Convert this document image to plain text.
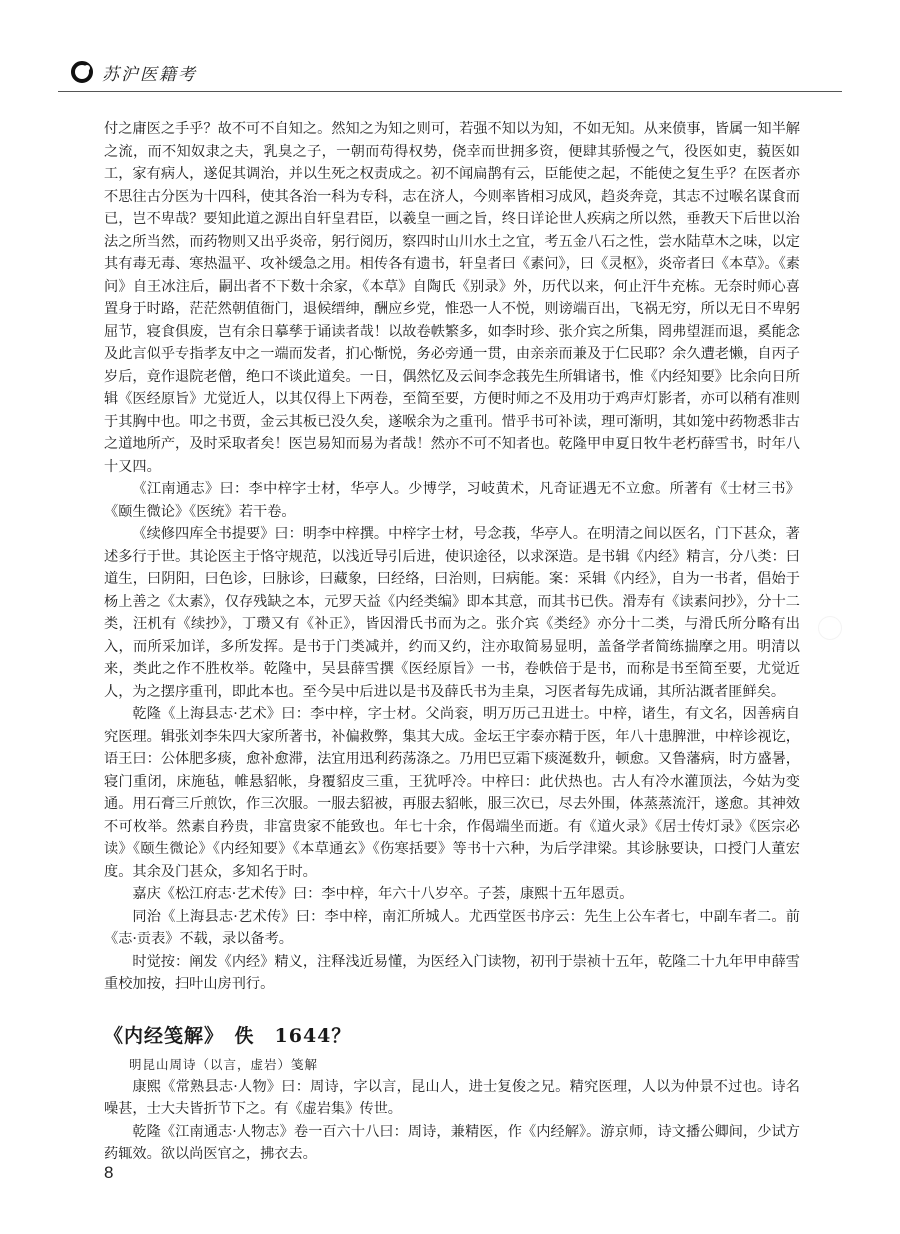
苏沪医籍考

付之庸医之手乎？故不可不自知之。然知之为知之则可，若强不知以为知，不如无知。从来偾事，皆属一知半解之流，而不知奴隶之夫，乳臭之子，一朝而苟得权势，侥幸而世拥多资，便肆其骄慢之气，役医如吏，藐医如工，家有病人，遂促其调治，并以生死之权责成之。初不闻扁鹊有云，臣能使之起，不能使之复生乎？在医者亦不思往古分医为十四科，使其各治一科为专科，志在济人，今则率皆相习成风，趋炎奔竞，其志不过喉名谋食而已，岂不卑哉？要知此道之源出自轩皇君臣，以羲皇一画之旨，终日详论世人疾病之所以然，垂教天下后世以治法之所当然，而药物则又出乎炎帝，躬行阅历，察四时山川水土之宜，考五金八石之性，尝水陆草木之味，以定其有毒无毒、寒热温平、攻补缓急之用。相传各有遗书，轩皇者曰《素问》，曰《灵枢》，炎帝者曰《本草》。《素问》自王冰注后，嗣出者不下数十余家，《本草》自陶氏《别录》外，历代以来，何止汗牛充栋。无奈时师心喜置身于时路，茫茫然朝值衙门，退候缙绅，酬应乡党，惟恐一人不悦，则谤端百出，飞祸无穷，所以无日不卑躬屈节，寝食俱废，岂有余日摹孳于诵读者哉！以故卷帙繁多，如李时珍、张介宾之所集，罔弗望涯而退，奚能念及此言似乎专指孝友中之一端而发者，扪心惭悦，务必旁通一贯，由亲亲而兼及于仁民耶？余久遭老懒，自丙子岁后，竟作退院老僧，绝口不谈此道矣。一日，偶然忆及云间李念莪先生所辑诸书，惟《内经知要》比余向日所辑《医经原旨》尤觉近人，以其仅得上下两卷，至简至要，方便时师之不及用功于鸡声灯影者，亦可以稍有准则于其胸中也。叩之书贾，金云其板已没久矣，遂喉余为之重刊。惜乎书可补读，理可渐明，其如笼中药物悉非古之道地所产，及时采取者矣！医岂易知而易为者哉！然亦不可不知者也。乾隆甲申夏日牧牛老朽薛雪书，时年八十又四。

《江南通志》曰：李中梓字士材，华亭人。少博学，习岐黄术，凡奇证遇无不立愈。所著有《士材三书》《颐生微论》《医统》若干卷。

《续修四库全书提要》曰：明李中梓撰。中梓字士材，号念莪，华亭人。在明清之间以医名，门下甚众，著述多行于世。其论医主于恪守规范，以浅近导引后进，使识途径，以求深造。是书辑《内经》精言，分八类：曰道生，曰阴阳，曰色诊，曰脉诊，曰藏象，曰经络，曰治则，曰病能。案：采辑《内经》，自为一书者，倡始于杨上善之《太素》，仅存残缺之本，元罗天益《内经类编》即本其意，而其书已佚。滑寿有《读素问抄》，分十二类，汪机有《续抄》，丁瓒又有《补正》，皆因滑氏书而为之。张介宾《类经》亦分十二类，与滑氏所分略有出入，而所采加详，多所发挥。是书于门类减并，约而又约，注亦取简易显明，盖备学者简练揣摩之用。明清以来，类此之作不胜枚举。乾隆中，吴县薛雪撰《医经原旨》一书，卷帙倍于是书，而称是书至简至要，尤觉近人，为之摆序重刊，即此本也。至今吴中后进以是书及薛氏书为圭臬，习医者每先成诵，其所沾溉者匪鲜矣。

乾隆《上海县志·艺术》曰：李中梓，字士材。父尚衮，明万历己丑进士。中梓，诸生，有文名，因善病自究医理。辑张刘李朱四大家所著书，补偏救弊，集其大成。金坛王宇泰亦精于医，年八十患脾泄，中梓诊视讫，语王曰：公体肥多痰，愈补愈滞，法宜用迅利药荡涤之。乃用巴豆霜下痰涎数升，顿愈。又鲁藩病，时方盛暑，寝门重闭，床施毡，帷悬貂帐，身覆貂皮三重，王犹呼冷。中梓曰：此伏热也。古人有冷水灌顶法，今姑为变通。用石膏三斤煎饮，作三次服。一服去貂被，再服去貂帐，服三次已，尽去外围，体蒸蒸流汗，遂愈。其神效不可枚举。然素自矜贵，非富贵家不能致也。年七十余，作偈端坐而逝。有《道火录》《居士传灯录》《医宗必读》《颐生微论》《内经知要》《本草通玄》《伤寒括要》等书十六种，为后学津梁。其诊脉要诀，口授门人董宏度。其余及门甚众，多知名于时。

嘉庆《松江府志·艺术传》曰：李中梓，年六十八岁卒。子荟，康熙十五年恩贡。

同治《上海县志·艺术传》曰：李中梓，南汇所城人。尤西堂医书序云：先生上公车者七，中副车者二。前《志·贡表》不载，录以备考。

时觉按：阐发《内经》精义，注释浅近易懂，为医经入门读物，初刊于崇祯十五年，乾隆二十九年甲申薛雪重校加按，扫叶山房刊行。

《内经笺解》　佚　1644？

明昆山周诗（以言，虚岩）笺解

康熙《常熟县志·人物》曰：周诗，字以言，昆山人，进士复俊之兄。精究医理，人以为仲景不过也。诗名噪甚，士大夫皆折节下之。有《虚岩集》传世。

乾隆《江南通志·人物志》卷一百六十八曰：周诗，兼精医，作《内经解》。游京师，诗文播公卿间，少试方药辄效。欲以尚医官之，拂衣去。

8
